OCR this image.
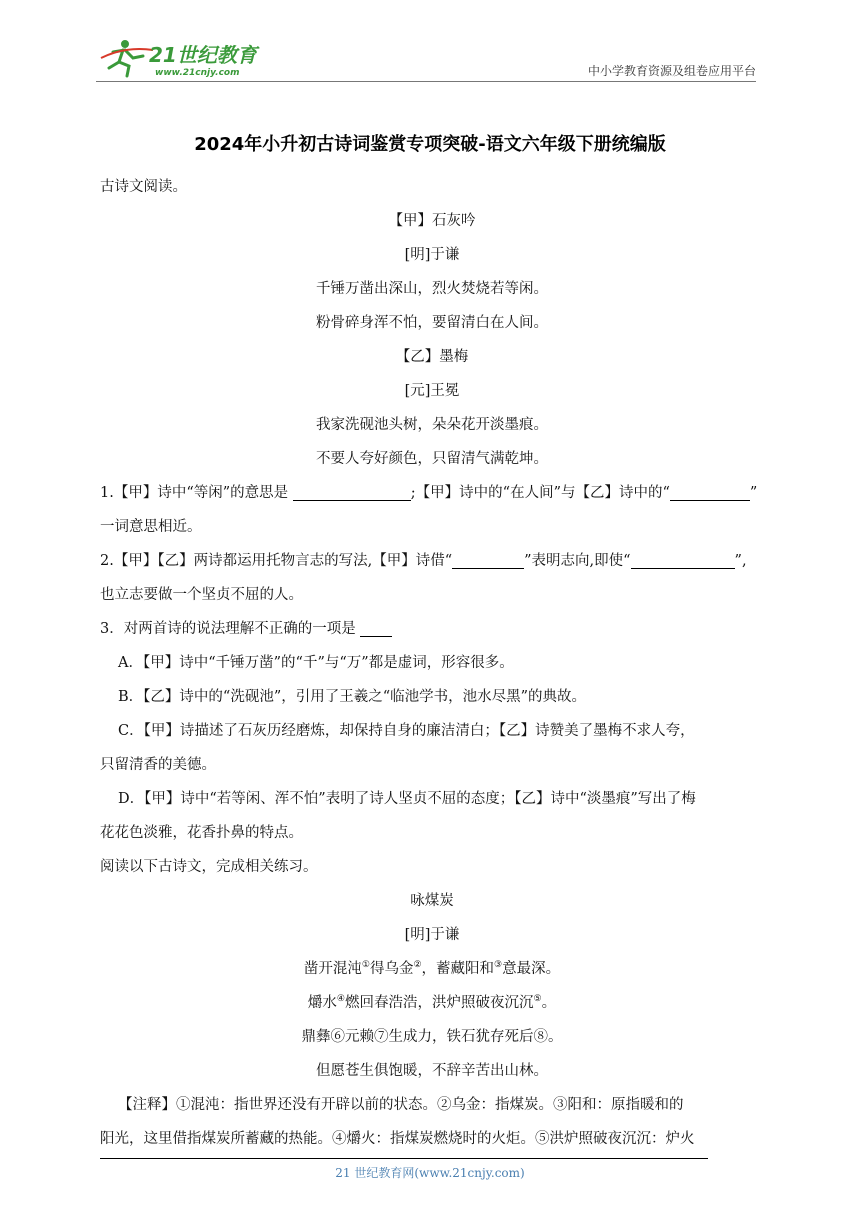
21世纪教育
www.21cnjy.com	中小学教育资源及组卷应用平台
2024年小升初古诗词鉴赏专项突破-语文六年级下册统编版
古诗文阅读。
【甲】石灰吟
[明]于谦
千锤万凿出深山，烈火焚烧若等闲。
粉骨碎身浑不怕，要留清白在人间。
【乙】墨梅
[元]王冕
我家洗砚池头树，朵朵花开淡墨痕。
不要人夸好颜色，只留清气满乾坤。
1.【甲】诗中“等闲”的意思是	;【甲】诗中的“在人间”与【乙】诗中的“	”
一词意思相近。
2.【甲】【乙】两诗都运用托物言志的写法,【甲】诗借“	”表明志向,即使“	”,
也立志要做一个坚贞不屈的人。
3．对两首诗的说法理解不正确的一项是
A．【甲】诗中“千锤万凿”的“千”与“万”都是虚词，形容很多。
B．【乙】诗中的“洗砚池”，引用了王羲之“临池学书，池水尽黑”的典故。
C．【甲】诗描述了石灰历经磨炼，却保持自身的廉洁清白；【乙】诗赞美了墨梅不求人夸，
只留清香的美德。
D．【甲】诗中“若等闲、浑不怕”表明了诗人坚贞不屈的态度；【乙】诗中“淡墨痕”写出了梅
花花色淡雅，花香扑鼻的特点。
阅读以下古诗文，完成相关练习。
咏煤炭
[明]于谦
凿开混沌①得乌金②，蓄藏阳和③意最深。
爝水④燃回春浩浩，洪炉照破夜沉沉⑤。
鼎彝⑥元赖⑦生成力，铁石犹存死后⑧。
但愿苍生俱饱暖，不辞辛苦出山林。
【注释】①混沌：指世界还没有开辟以前的状态。②乌金：指煤炭。③阳和：原指暖和的
阳光，这里借指煤炭所蓄藏的热能。④爝火：指煤炭燃烧时的火炬。⑤洪炉照破夜沉沉：炉火
21 世纪教育网(www.21cnjy.com)
